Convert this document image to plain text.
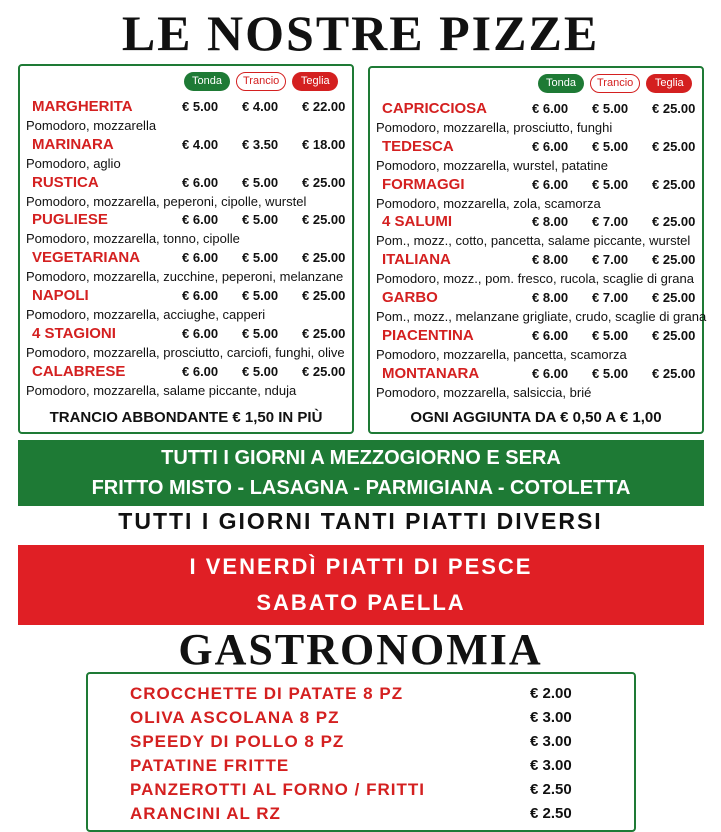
LE NOSTRE PIZZE
Tonda	Trancio	Teglia
MARGHERITA	€ 5.00 € 4.00 € 22.00
Pomodoro, mozzarella
MARINARA	€ 4.00 € 3.50 € 18.00
Pomodoro, aglio
RUSTICA	€ 6.00 € 5.00 € 25.00
Pomodoro, mozzarella, peperoni, cipolle, wurstel
PUGLIESE	€ 6.00 € 5.00 € 25.00
Pomodoro, mozzarella, tonno, cipolle
VEGETARIANA	€ 6.00 € 5.00 € 25.00
Pomodoro, mozzarella, zucchine, peperoni, melanzane
NAPOLI	€ 6.00 € 5.00 € 25.00
Pomodoro, mozzarella, acciughe, capperi
4 STAGIONI	€ 6.00 € 5.00 € 25.00
Pomodoro, mozzarella, prosciutto, carciofi, funghi, olive
CALABRESE	€ 6.00 € 5.00 € 25.00
Pomodoro, mozzarella, salame piccante, nduja
TRANCIO ABBONDANTE € 1,50 IN PIÙ
Tonda	Trancio	Teglia
CAPRICCIOSA	€ 6.00 € 5.00 € 25.00
Pomodoro, mozzarella, prosciutto, funghi
TEDESCA	€ 6.00 € 5.00 € 25.00
Pomodoro, mozzarella, wurstel, patatine
FORMAGGI	€ 6.00 € 5.00 € 25.00
Pomodoro, mozzarella, zola, scamorza
4 SALUMI	€ 8.00 € 7.00 € 25.00
Pom., mozz., cotto, pancetta, salame piccante, wurstel
ITALIANA	€ 8.00 € 7.00 € 25.00
Pomodoro, mozz., pom. fresco, rucola, scaglie di grana
GARBO	€ 8.00 € 7.00 € 25.00
Pom., mozz., melanzane grigliate, crudo, scaglie di grana
PIACENTINA	€ 6.00 € 5.00 € 25.00
Pomodoro, mozzarella, pancetta, scamorza
MONTANARA	€ 6.00 € 5.00 € 25.00
Pomodoro, mozzarella, salsiccia, brié
OGNI AGGIUNTA DA € 0,50 A € 1,00
TUTTI I GIORNI A MEZZOGIORNO E SERA
FRITTO MISTO - LASAGNA - PARMIGIANA - COTOLETTA
TUTTI I GIORNI TANTI PIATTI DIVERSI
I VENERDÌ PIATTI DI PESCE
SABATO PAELLA
GASTRONOMIA
CROCCHETTE DI PATATE 8 PZ	€ 2.00
OLIVA ASCOLANA 8 PZ	€ 3.00
SPEEDY DI POLLO 8 PZ	€ 3.00
PATATINE FRITTE	€ 3.00
PANZEROTTI AL FORNO / FRITTI	€ 2.50
ARANCINI AL RZ	€ 2.50
